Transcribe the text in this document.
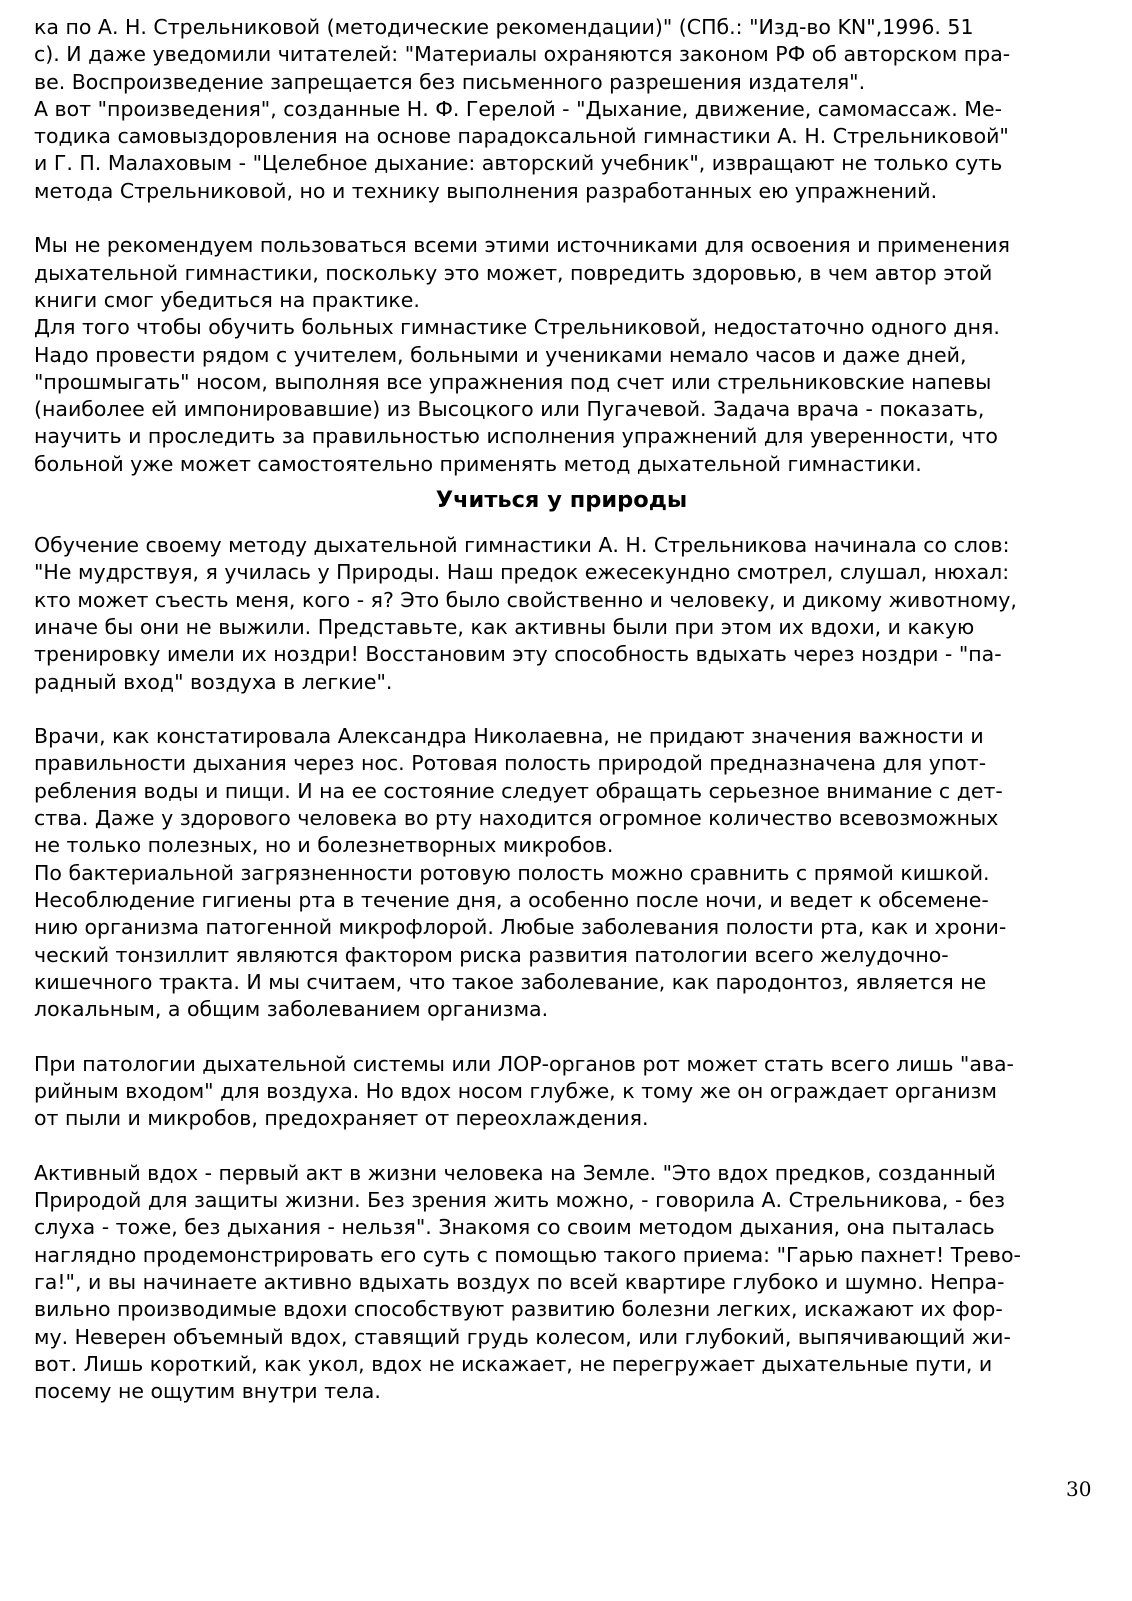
ка по А. Н. Стрельниковой (методические рекомендации)" (СПб.: "Изд-во KN",1996. 51
с). И даже уведомили читателей: "Материалы охраняются законом РФ об авторском пра-
ве. Воспроизведение запрещается без письменного разрешения издателя".
А вот "произведения", созданные Н. Ф. Герелой - "Дыхание, движение, самомассаж. Ме-
тодика самовыздоровления на основе парадоксальной гимнастики А. Н. Стрельниковой"
и Г. П. Малаховым - "Целебное дыхание: авторский учебник", извращают не только суть
метода Стрельниковой, но и технику выполнения разработанных ею упражнений.
Мы не рекомендуем пользоваться всеми этими источниками для освоения и применения
дыхательной гимнастики, поскольку это может, повредить здоровью, в чем автор этой
книги смог убедиться на практике.
Для того чтобы обучить больных гимнастике Стрельниковой, недостаточно одного дня.
Надо провести рядом с учителем, больными и учениками немало часов и даже дней,
"прошмыгать" носом, выполняя все упражнения под счет или стрельниковские напевы
(наиболее ей импонировавшие) из Высоцкого или Пугачевой. Задача врача - показать,
научить и проследить за правильностью исполнения упражнений для уверенности, что
больной уже может самостоятельно применять метод дыхательной гимнастики.
Учиться у природы
Обучение своему методу дыхательной гимнастики А. Н. Стрельникова начинала со слов:
"Не мудрствуя, я училась у Природы. Наш предок ежесекундно смотрел, слушал, нюхал:
кто может съесть меня, кого - я? Это было свойственно и человеку, и дикому животному,
иначе бы они не выжили. Представьте, как активны были при этом их вдохи, и какую
тренировку имели их ноздри! Восстановим эту способность вдыхать через ноздри - "па-
радный вход" воздуха в легкие".
Врачи, как констатировала Александра Николаевна, не придают значения важности и
правильности дыхания через нос. Ротовая полость природой предназначена для упот-
ребления воды и пищи. И на ее состояние следует обращать серьезное внимание с дет-
ства. Даже у здорового человека во рту находится огромное количество всевозможных
не только полезных, но и болезнетворных микробов.
По бактериальной загрязненности ротовую полость можно сравнить с прямой кишкой.
Несоблюдение гигиены рта в течение дня, а особенно после ночи, и ведет к обсемене-
нию организма патогенной микрофлорой. Любые заболевания полости рта, как и хрони-
ческий тонзиллит являются фактором риска развития патологии всего желудочно-
кишечного тракта. И мы считаем, что такое заболевание, как пародонтоз, является не
локальным, а общим заболеванием организма.
При патологии дыхательной системы или ЛОР-органов рот может стать всего лишь "ава-
рийным входом" для воздуха. Но вдох носом глубже, к тому же он ограждает организм
от пыли и микробов, предохраняет от переохлаждения.
Активный вдох - первый акт в жизни человека на Земле. "Это вдох предков, созданный
Природой для защиты жизни. Без зрения жить можно, - говорила А. Стрельникова, - без
слуха - тоже, без дыхания - нельзя". Знакомя со своим методом дыхания, она пыталась
наглядно продемонстрировать его суть с помощью такого приема: "Гарью пахнет! Трево-
га!", и вы начинаете активно вдыхать воздух по всей квартире глубоко и шумно. Непра-
вильно производимые вдохи способствуют развитию болезни легких, искажают их фор-
му. Неверен объемный вдох, ставящий грудь колесом, или глубокий, выпячивающий жи-
вот. Лишь короткий, как укол, вдох не искажает, не перегружает дыхательные пути, и
посему не ощутим внутри тела.
30
